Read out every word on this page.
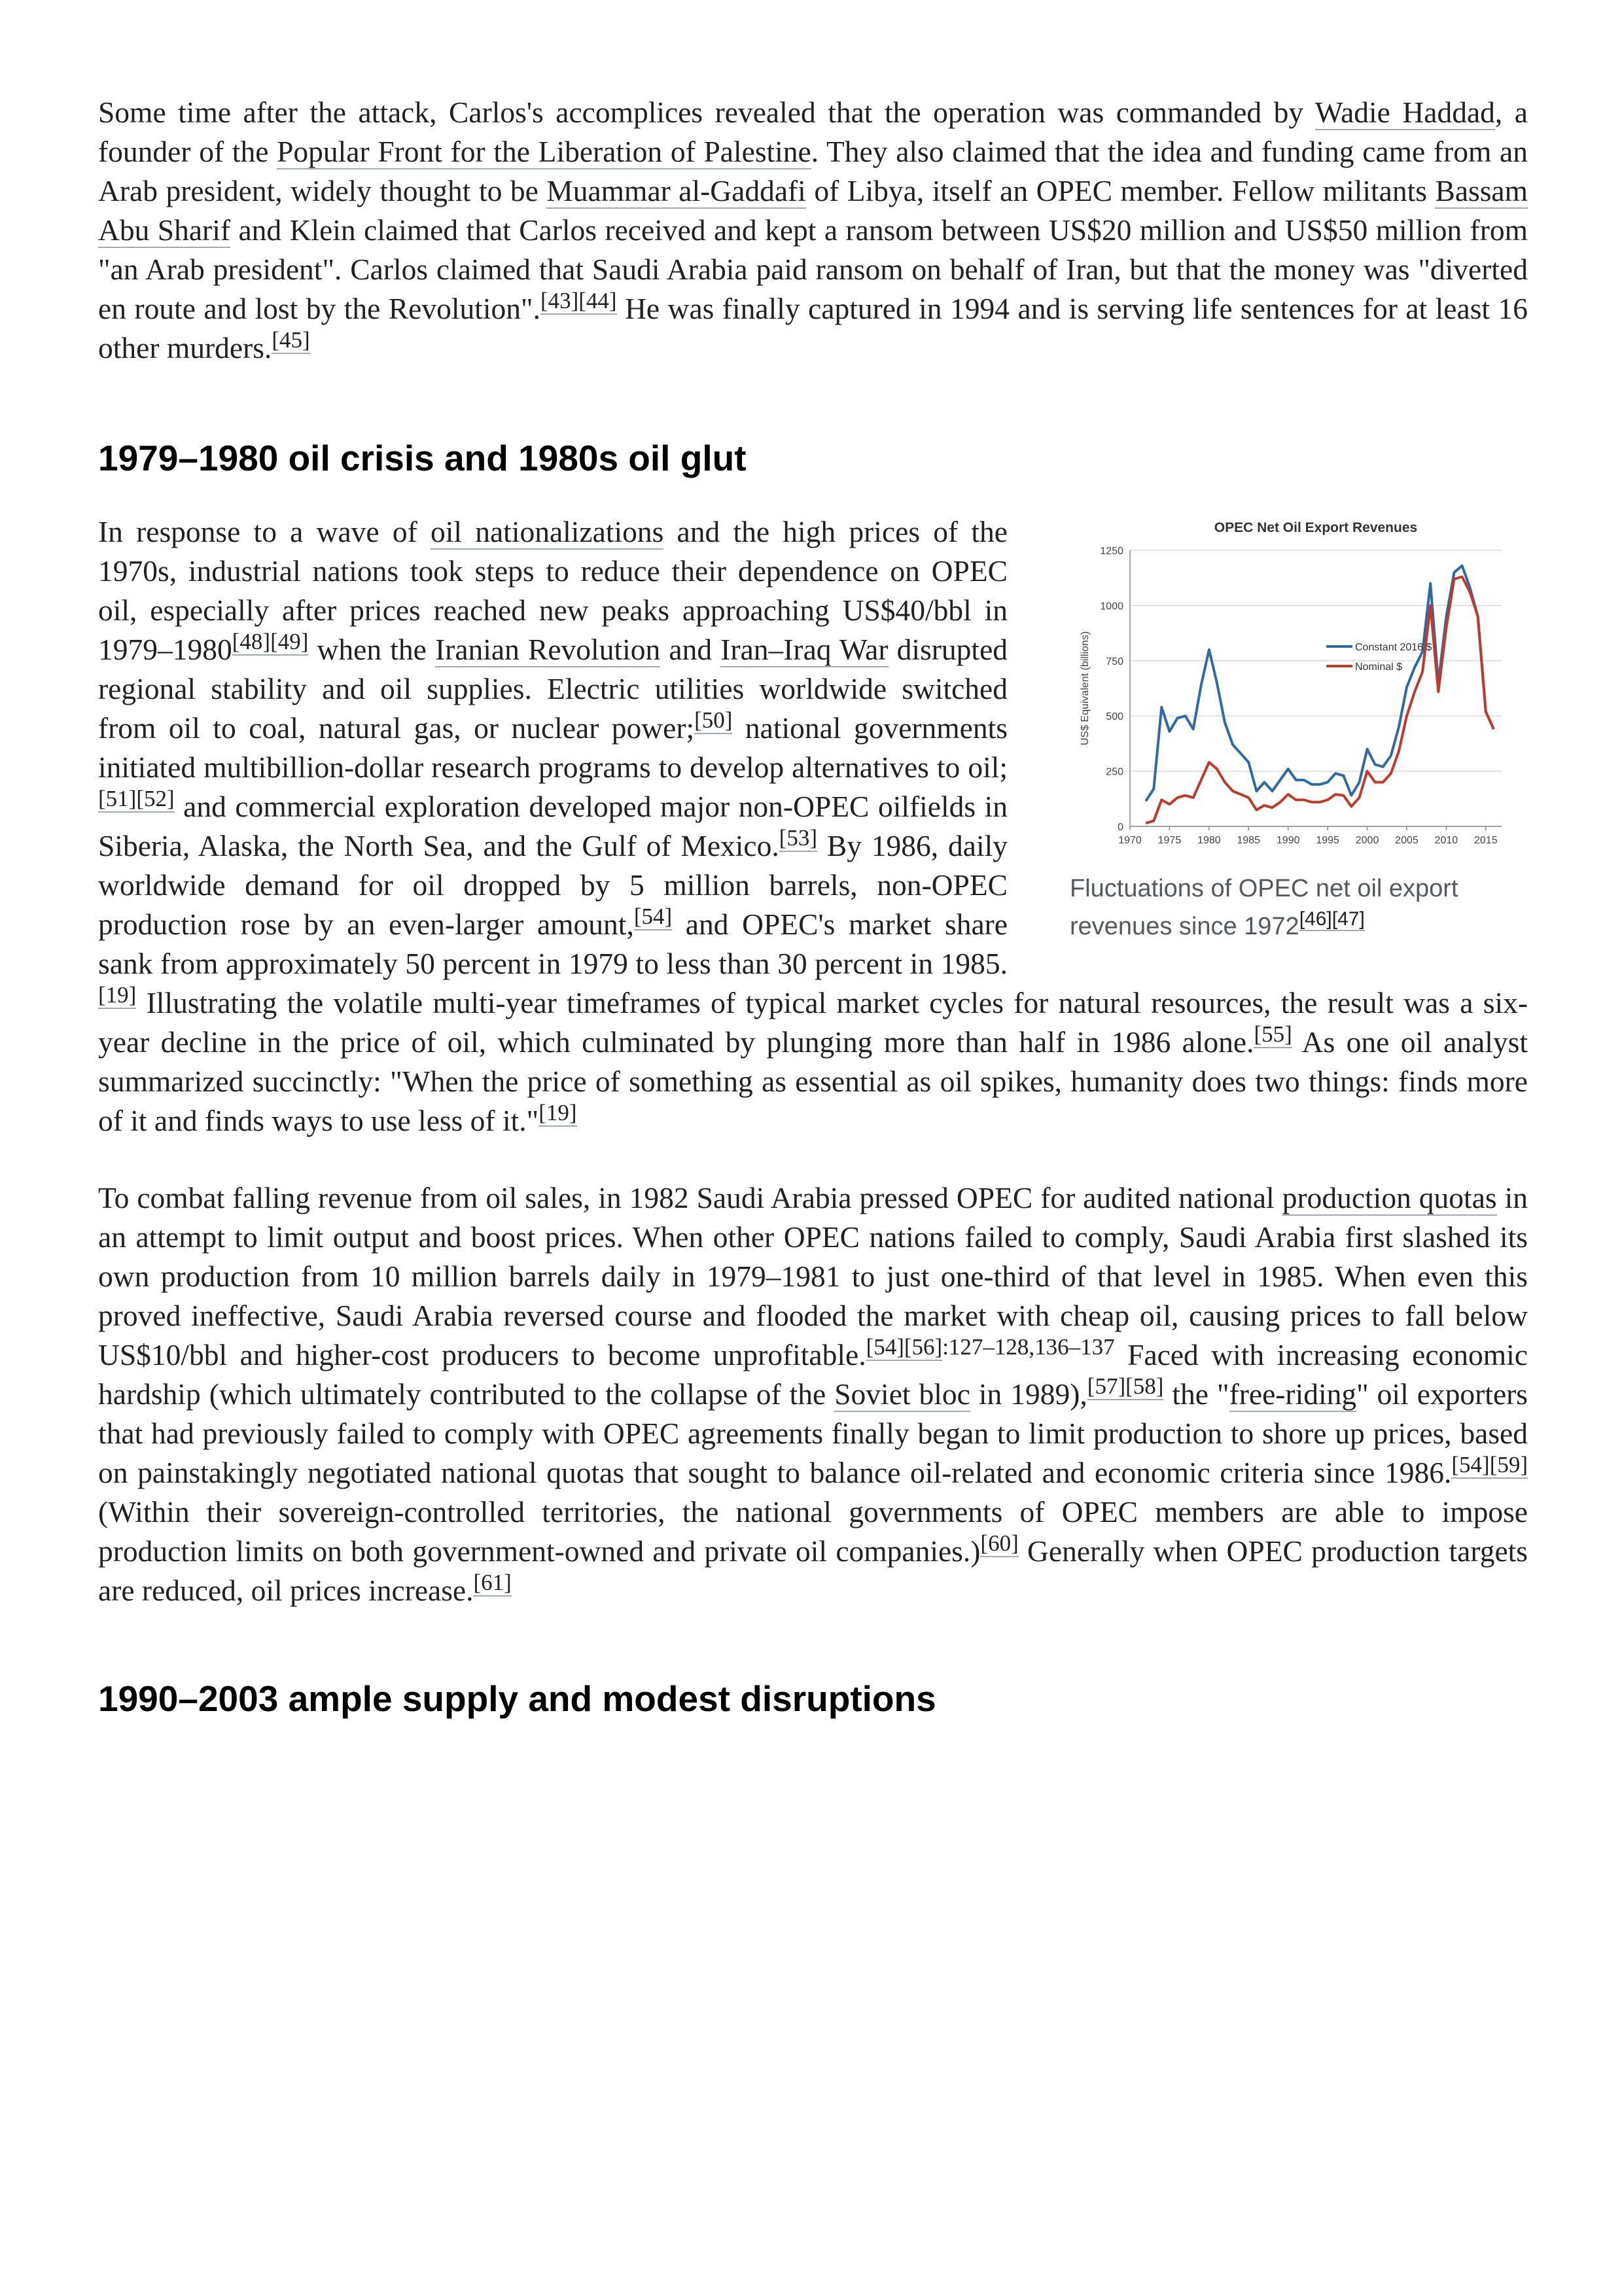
Some time after the attack, Carlos's accomplices revealed that the operation was commanded by Wadie Haddad, a founder of the Popular Front for the Liberation of Palestine. They also claimed that the idea and funding came from an Arab president, widely thought to be Muammar al-Gaddafi of Libya, itself an OPEC member. Fellow militants Bassam Abu Sharif and Klein claimed that Carlos received and kept a ransom between US$20 million and US$50 million from "an Arab president". Carlos claimed that Saudi Arabia paid ransom on behalf of Iran, but that the money was "diverted en route and lost by the Revolution".[43][44] He was finally captured in 1994 and is serving life sentences for at least 16 other murders.[45]

1979–1980 oil crisis and 1980s oil glut
OPEC Net Oil Export Revenues
0
250
500
750
1000
1250
1970 1975 1980 1985 1990 1995 2000 2005 2010 2015
US$ Equivalent (billions)	Constant 2016 $
Nominal $
Fluctuations of OPEC net oil export revenues since 1972[46][47]

In response to a wave of oil nationalizations and the high prices of the 1970s, industrial nations took steps to reduce their dependence on OPEC oil, especially after prices reached new peaks approaching US$40/bbl in 1979–1980[48][49] when the Iranian Revolution and Iran–Iraq War disrupted regional stability and oil supplies. Electric utilities worldwide switched from oil to coal, natural gas, or nuclear power;[50] national governments initiated multibillion-dollar research programs to develop alternatives to oil;[51][52] and commercial exploration developed major non-OPEC oilfields in Siberia, Alaska, the North Sea, and the Gulf of Mexico.[53] By 1986, daily worldwide demand for oil dropped by 5 million barrels, non-OPEC production rose by an even-larger amount,[54] and OPEC's market share sank from approximately 50 percent in 1979 to less than 30 percent in 1985.[19] Illustrating the volatile multi-year timeframes of typical market cycles for natural resources, the result was a six-year decline in the price of oil, which culminated by plunging more than half in 1986 alone.[55] As one oil analyst summarized succinctly: "When the price of something as essential as oil spikes, humanity does two things: finds more of it and finds ways to use less of it."[19]

To combat falling revenue from oil sales, in 1982 Saudi Arabia pressed OPEC for audited national production quotas in an attempt to limit output and boost prices. When other OPEC nations failed to comply, Saudi Arabia first slashed its own production from 10 million barrels daily in 1979–1981 to just one-third of that level in 1985. When even this proved ineffective, Saudi Arabia reversed course and flooded the market with cheap oil, causing prices to fall below US$10/bbl and higher-cost producers to become unprofitable.$^{[54][56]:127-128,136-137}$ Faced with increasing economic hardship (which ultimately contributed to the collapse of the Soviet bloc in 1989),[57][58] the "free-riding" oil exporters that had previously failed to comply with OPEC agreements finally began to limit production to shore up prices, based on painstakingly negotiated national quotas that sought to balance oil-related and economic criteria since 1986.[54][59] (Within their sovereign-controlled territories, the national governments of OPEC members are able to impose production limits on both government-owned and private oil companies.)[60] Generally when OPEC production targets are reduced, oil prices increase.[61]

1990–2003 ample supply and modest disruptions
